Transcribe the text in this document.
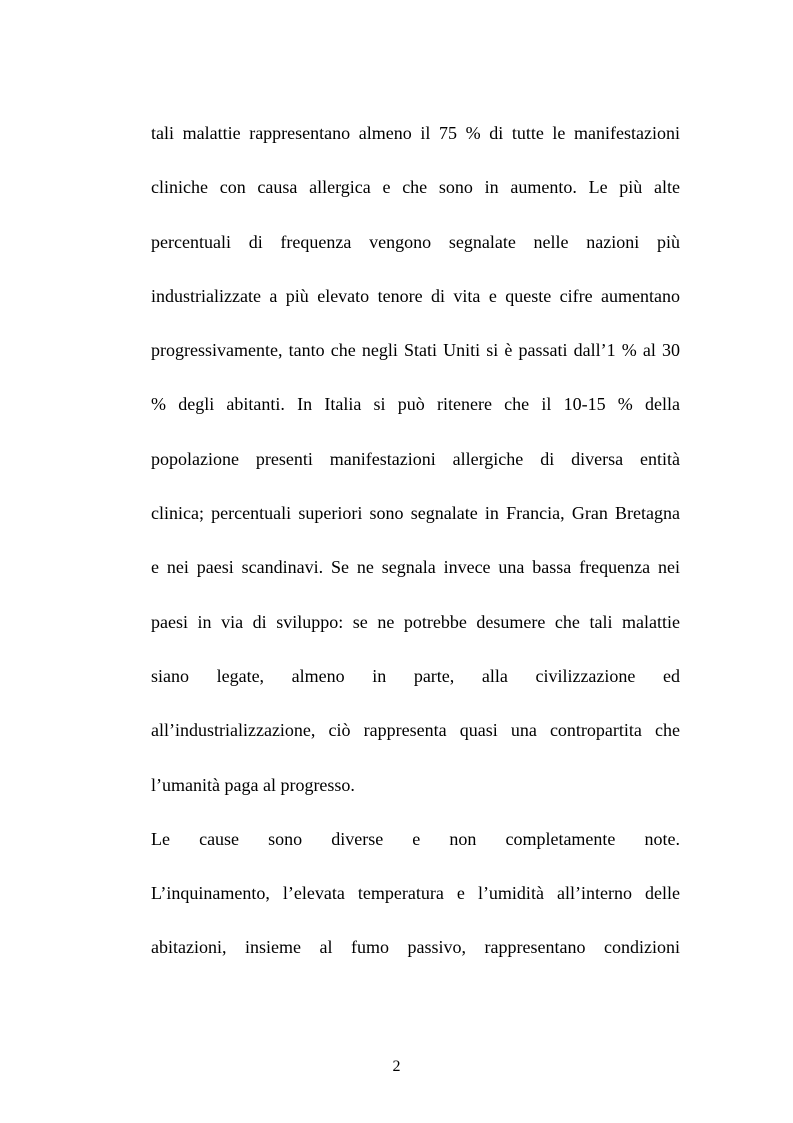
tali malattie rappresentano almeno il 75 % di tutte le manifestazioni
cliniche con causa allergica e che sono in aumento. Le più alte
percentuali di frequenza vengono segnalate nelle nazioni più
industrializzate a più elevato tenore di vita e queste cifre aumentano
progressivamente, tanto che negli Stati Uniti si è passati dall’1 % al 30
% degli abitanti. In Italia si può ritenere che il 10-15 % della
popolazione presenti manifestazioni allergiche di diversa entità
clinica; percentuali superiori sono segnalate in Francia, Gran Bretagna
e nei paesi scandinavi. Se ne segnala invece una bassa frequenza nei
paesi in via di sviluppo: se ne potrebbe desumere che tali malattie
siano legate, almeno in parte, alla civilizzazione ed
all’industrializzazione, ciò rappresenta quasi una contropartita che
l’umanità paga al progresso.
Le cause sono diverse e non completamente note.
L’inquinamento, l’elevata temperatura e l’umidità all’interno delle
abitazioni, insieme al fumo passivo, rappresentano condizioni
2
